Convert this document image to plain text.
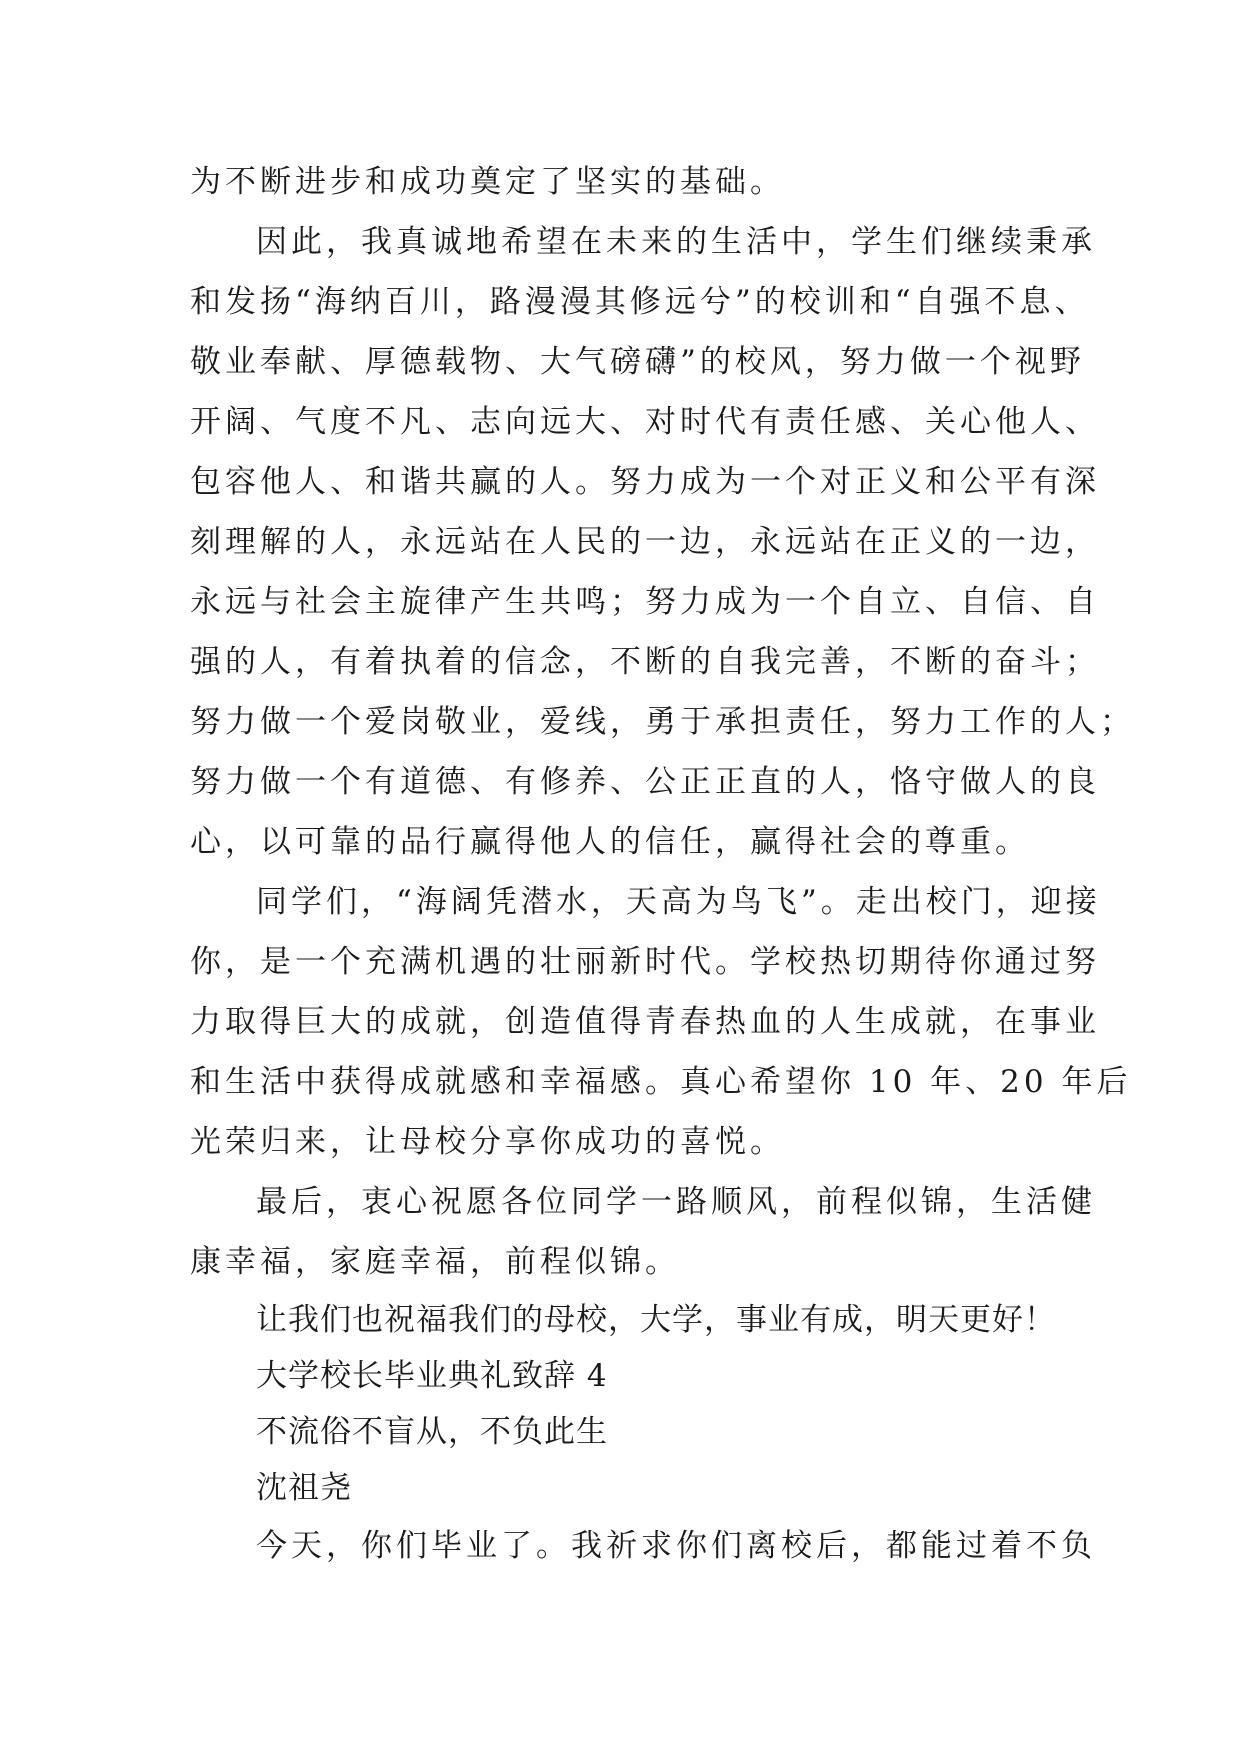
为不断进步和成功奠定了坚实的基础。
因此，我真诚地希望在未来的生活中，学生们继续秉承
和发扬“海纳百川，路漫漫其修远兮”的校训和“自强不息、
敬业奉献、厚德载物、大气磅礴”的校风，努力做一个视野
开阔、气度不凡、志向远大、对时代有责任感、关心他人、
包容他人、和谐共赢的人。努力成为一个对正义和公平有深
刻理解的人，永远站在人民的一边，永远站在正义的一边，
永远与社会主旋律产生共鸣；努力成为一个自立、自信、自
强的人，有着执着的信念，不断的自我完善，不断的奋斗；
努力做一个爱岗敬业，爱线，勇于承担责任，努力工作的人；
努力做一个有道德、有修养、公正正直的人，恪守做人的良
心，以可靠的品行赢得他人的信任，赢得社会的尊重。
同学们，“海阔凭潜水，天高为鸟飞”。走出校门，迎接
你，是一个充满机遇的壮丽新时代。学校热切期待你通过努
力取得巨大的成就，创造值得青春热血的人生成就，在事业
和生活中获得成就感和幸福感。真心希望你 10 年、20 年后
光荣归来，让母校分享你成功的喜悦。
最后，衷心祝愿各位同学一路顺风，前程似锦，生活健
康幸福，家庭幸福，前程似锦。
让我们也祝福我们的母校，大学，事业有成，明天更好！
大学校长毕业典礼致辞 4
不流俗不盲从，不负此生
沈祖尧
今天，你们毕业了。我祈求你们离校后，都能过着不负
